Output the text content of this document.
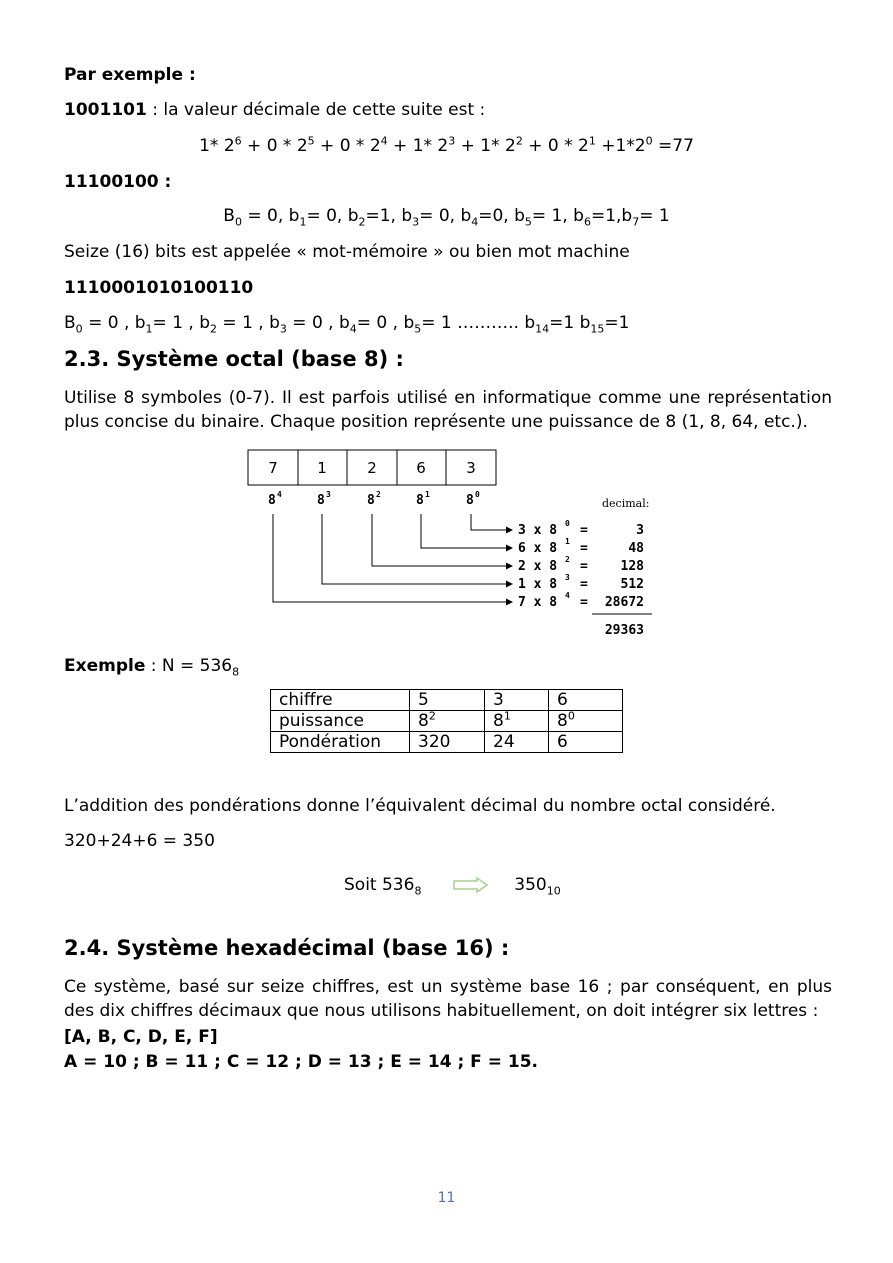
Par exemple :
1001101 : la valeur décimale de cette suite est :
1* $2^6 + 0 * 2^5 + 0 * 2^4 + 1*$ $2^3 + 1*$ $2^2 + 0 * 2^1 +1*2^0 =77$
11100100 :
$B_0 = 0$, $b_1= 0$, $b_2=1$, $b_3= 0$, $b_4=0$, $b_5= 1$, $b_6=1,b_7= 1$
Seize (16) bits est appelée « mot-mémoire » ou bien mot machine
1110001010100110
$B_0 = 0$ , $b_1= 1$ , $b_2 = 1$ , $b_3 = 0$ , $b_4= 0$ , $b_5= 1$ ……….. $b_{14}=1$ $b_{15}=1$
2.3. Système octal (base 8) :
Utilise 8 symboles (0-7). Il est parfois utilisé en informatique comme une représentation plus concise du binaire. Chaque position représente une puissance de 8 (1, 8, 64, etc.).
7	1	2	6	3
8 4	8 3	8 2	8 1	8 0
decimal:
3 x 8 0 =	3
6 x 8 1 =	48
2 x 8 2 =	128
1 x 8 3 =	512
7 x 8 4 = 28672
29363
Exemple : $N = 536_8$
chiffre	5	3	6
puissance	$8^2$	$8^1$	$8^0$
Pondération	320	24	6
L’addition des pondérations donne l’équivalent décimal du nombre octal considéré.
320+24+6 = 350
Soit $536_8$	$350_{10}$
2.4. Système hexadécimal (base 16) :
Ce système, basé sur seize chiffres, est un système base 16 ; par conséquent, en plus des dix chiffres décimaux que nous utilisons habituellement, on doit intégrer six lettres :
[A, B, C, D, E, F]
A = 10 ; B = 11 ; C = 12 ; D = 13 ; E = 14 ; F = 15.
11
